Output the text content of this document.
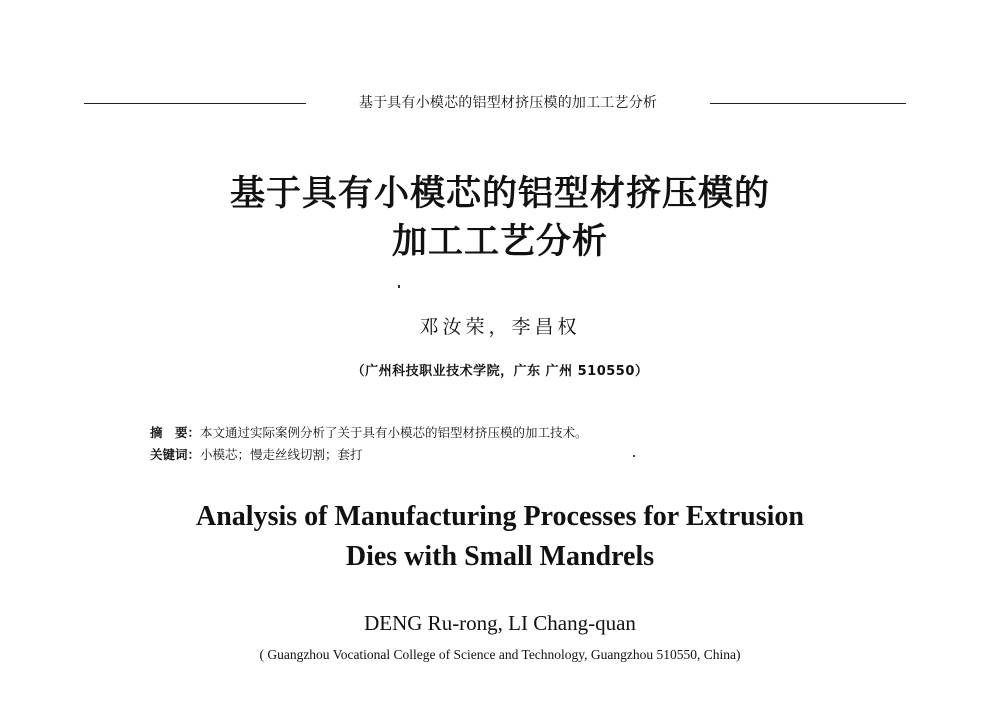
基于具有小模芯的铝型材挤压模的加工工艺分析
基于具有小模芯的铝型材挤压模的
加工工艺分析
邓汝荣，李昌权
（广州科技职业技术学院，广东 广州 510550）
摘　要：本文通过实际案例分析了关于具有小模芯的铝型材挤压模的加工技术。
关键词：小模芯；慢走丝线切割；套打
Analysis of Manufacturing Processes for Extrusion
Dies with Small Mandrels
DENG Ru-rong, LI Chang-quan
( Guangzhou Vocational College of Science and Technology, Guangzhou 510550, China)
